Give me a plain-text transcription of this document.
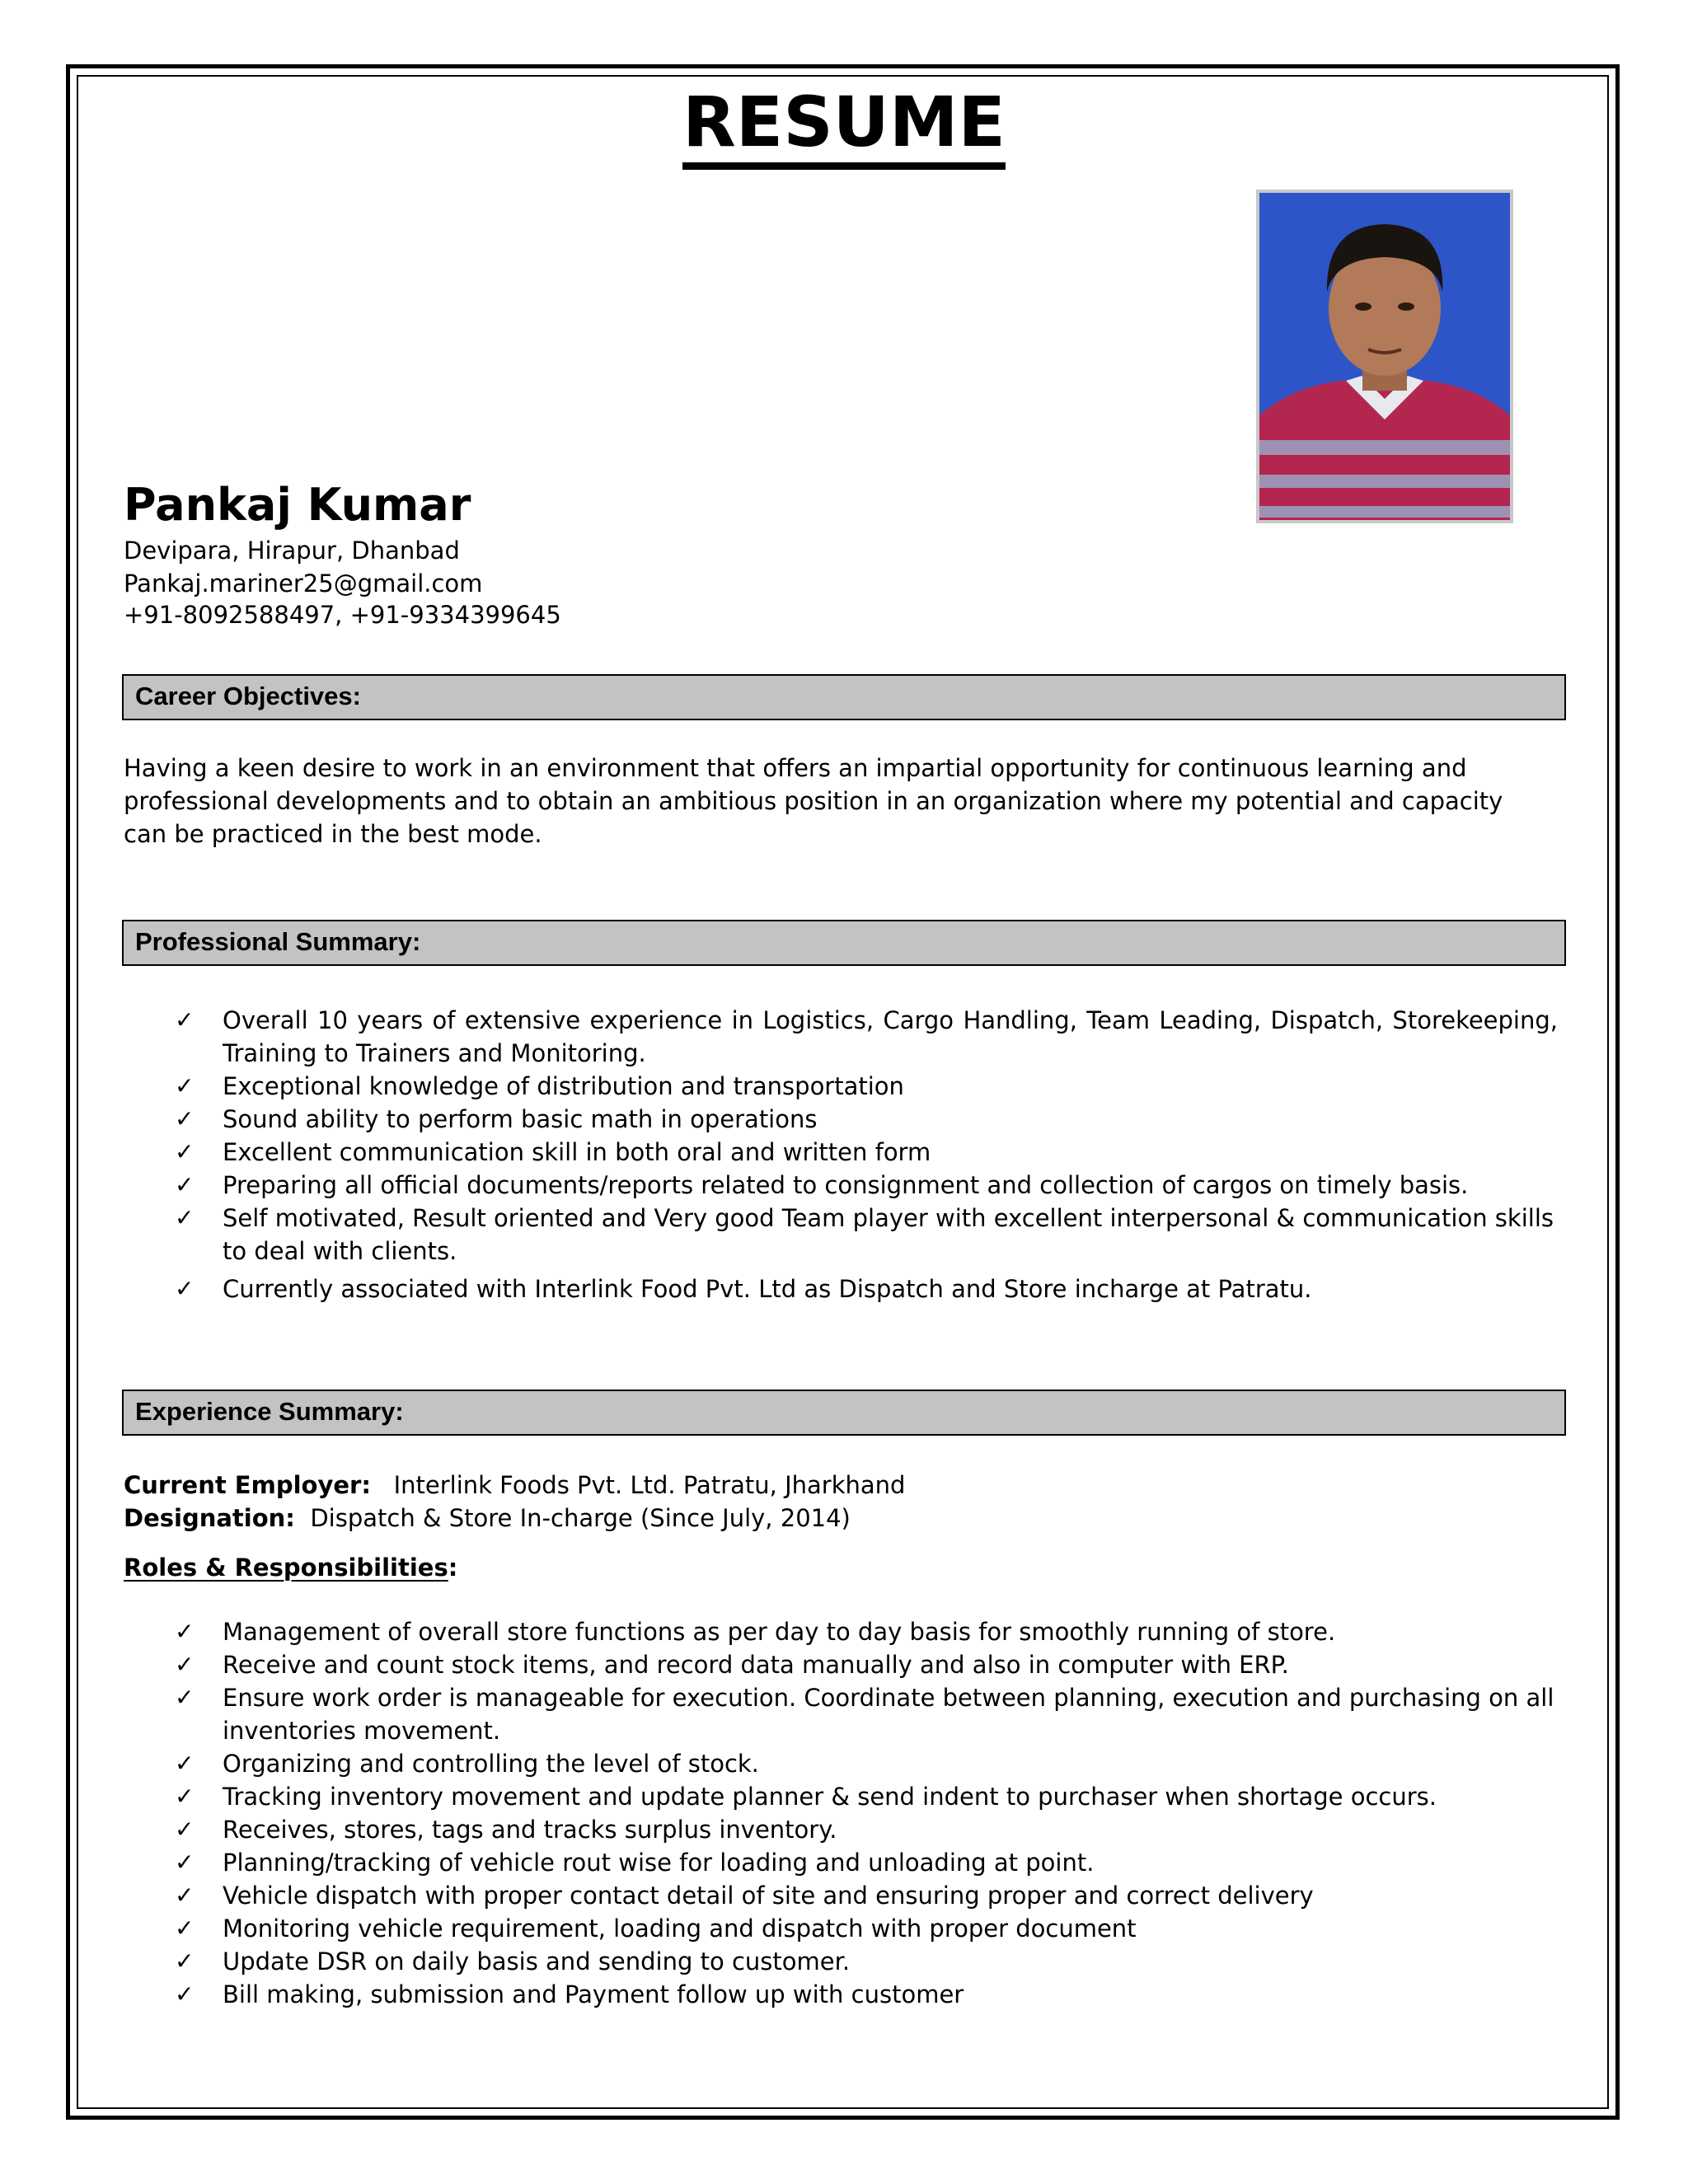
RESUME
Pankaj Kumar
Devipara, Hirapur, Dhanbad
Pankaj.mariner25@gmail.com
+91-8092588497, +91-9334399645
Career Objectives:
Having a keen desire to work in an environment that offers an impartial opportunity for continuous learning and
professional developments and to obtain an ambitious position in an organization where my potential and capacity
can be practiced in the best mode.
Professional Summary:
✓ Overall 10 years of extensive experience in Logistics, Cargo Handling, Team Leading, Dispatch, Storekeeping, Training to Trainers and Monitoring.
✓ Exceptional knowledge of distribution and transportation
✓ Sound ability to perform basic math in operations
✓ Excellent communication skill in both oral and written form
✓ Preparing all official documents/reports related to consignment and collection of cargos on timely basis.
✓ Self motivated, Result oriented and Very good Team player with excellent interpersonal & communication skills to deal with clients.
✓ Currently associated with Interlink Food Pvt. Ltd as Dispatch and Store incharge at Patratu.
Experience Summary:
Current Employer: Interlink Foods Pvt. Ltd. Patratu, Jharkhand
Designation: Dispatch & Store In-charge (Since July, 2014)
Roles & Responsibilities:
✓ Management of overall store functions as per day to day basis for smoothly running of store.
✓ Receive and count stock items, and record data manually and also in computer with ERP.
✓ Ensure work order is manageable for execution. Coordinate between planning, execution and purchasing on all inventories movement.
✓ Organizing and controlling the level of stock.
✓ Tracking inventory movement and update planner & send indent to purchaser when shortage occurs.
✓ Receives, stores, tags and tracks surplus inventory.
✓ Planning/tracking of vehicle rout wise for loading and unloading at point.
✓ Vehicle dispatch with proper contact detail of site and ensuring proper and correct delivery
✓ Monitoring vehicle requirement, loading and dispatch with proper document
✓ Update DSR on daily basis and sending to customer.
✓ Bill making, submission and Payment follow up with customer
